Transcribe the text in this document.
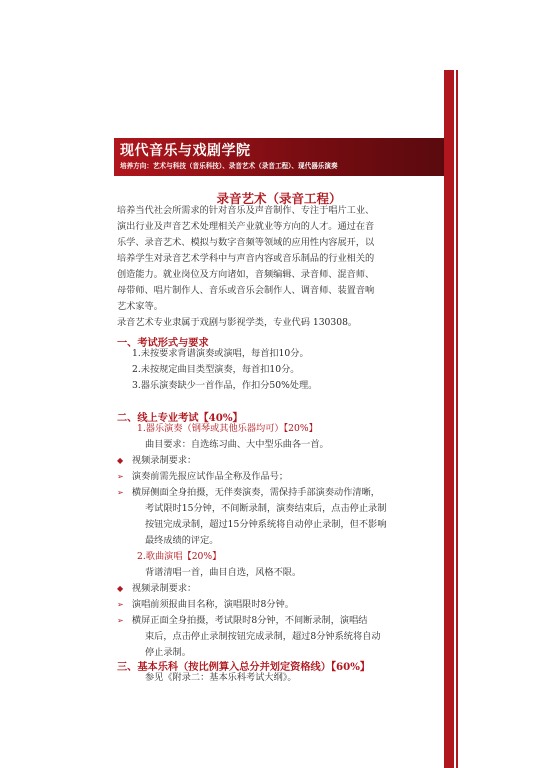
现代音乐与戏剧学院
培养方向：艺术与科技（音乐科技）、录音艺术（录音工程）、现代器乐演奏
录音艺术（录音工程）
培养当代社会所需求的针对音乐及声音制作、专注于唱片工业、
演出行业及声音艺术处理相关产业就业等方向的人才。通过在音
乐学、录音艺术、模拟与数字音频等领域的应用性内容展开，以
培养学生对录音艺术学科中与声音内容或音乐制品的行业相关的
创造能力。就业岗位及方向诸如，音频编辑、录音师、混音师、
母带师、唱片制作人、音乐或音乐会制作人、调音师、装置音响
艺术家等。
录音艺术专业隶属于戏剧与影视学类，专业代码 130308。
一、考试形式与要求
1.未按要求背谱演奏或演唱，每首扣10分。
2.未按规定曲目类型演奏，每首扣10分。
3.器乐演奏缺少一首作品，作扣分50%处理。
二、线上专业考试【40%】
1.器乐演奏（钢琴或其他乐器均可）【20%】
曲目要求：自选练习曲、大中型乐曲各一首。
◆ 视频录制要求：
➢ 演奏前需先报应试作品全称及作品号；
➢ 横屏侧面全身拍摄，无伴奏演奏，需保持手部演奏动作清晰，
考试限时15分钟，不间断录制，演奏结束后，点击停止录制
按钮完成录制，超过15分钟系统将自动停止录制，但不影响
最终成绩的评定。
2.歌曲演唱【20%】
背谱清唱一首，曲目自选，风格不限。
◆ 视频录制要求：
➢ 演唱前须报曲目名称，演唱限时8分钟。
➢ 横屏正面全身拍摄，考试限时8分钟，不间断录制，演唱结
束后，点击停止录制按钮完成录制，超过8分钟系统将自动
停止录制。
三、基本乐科（按比例算入总分并划定资格线）【60%】
参见《附录二：基本乐科考试大纲》。
